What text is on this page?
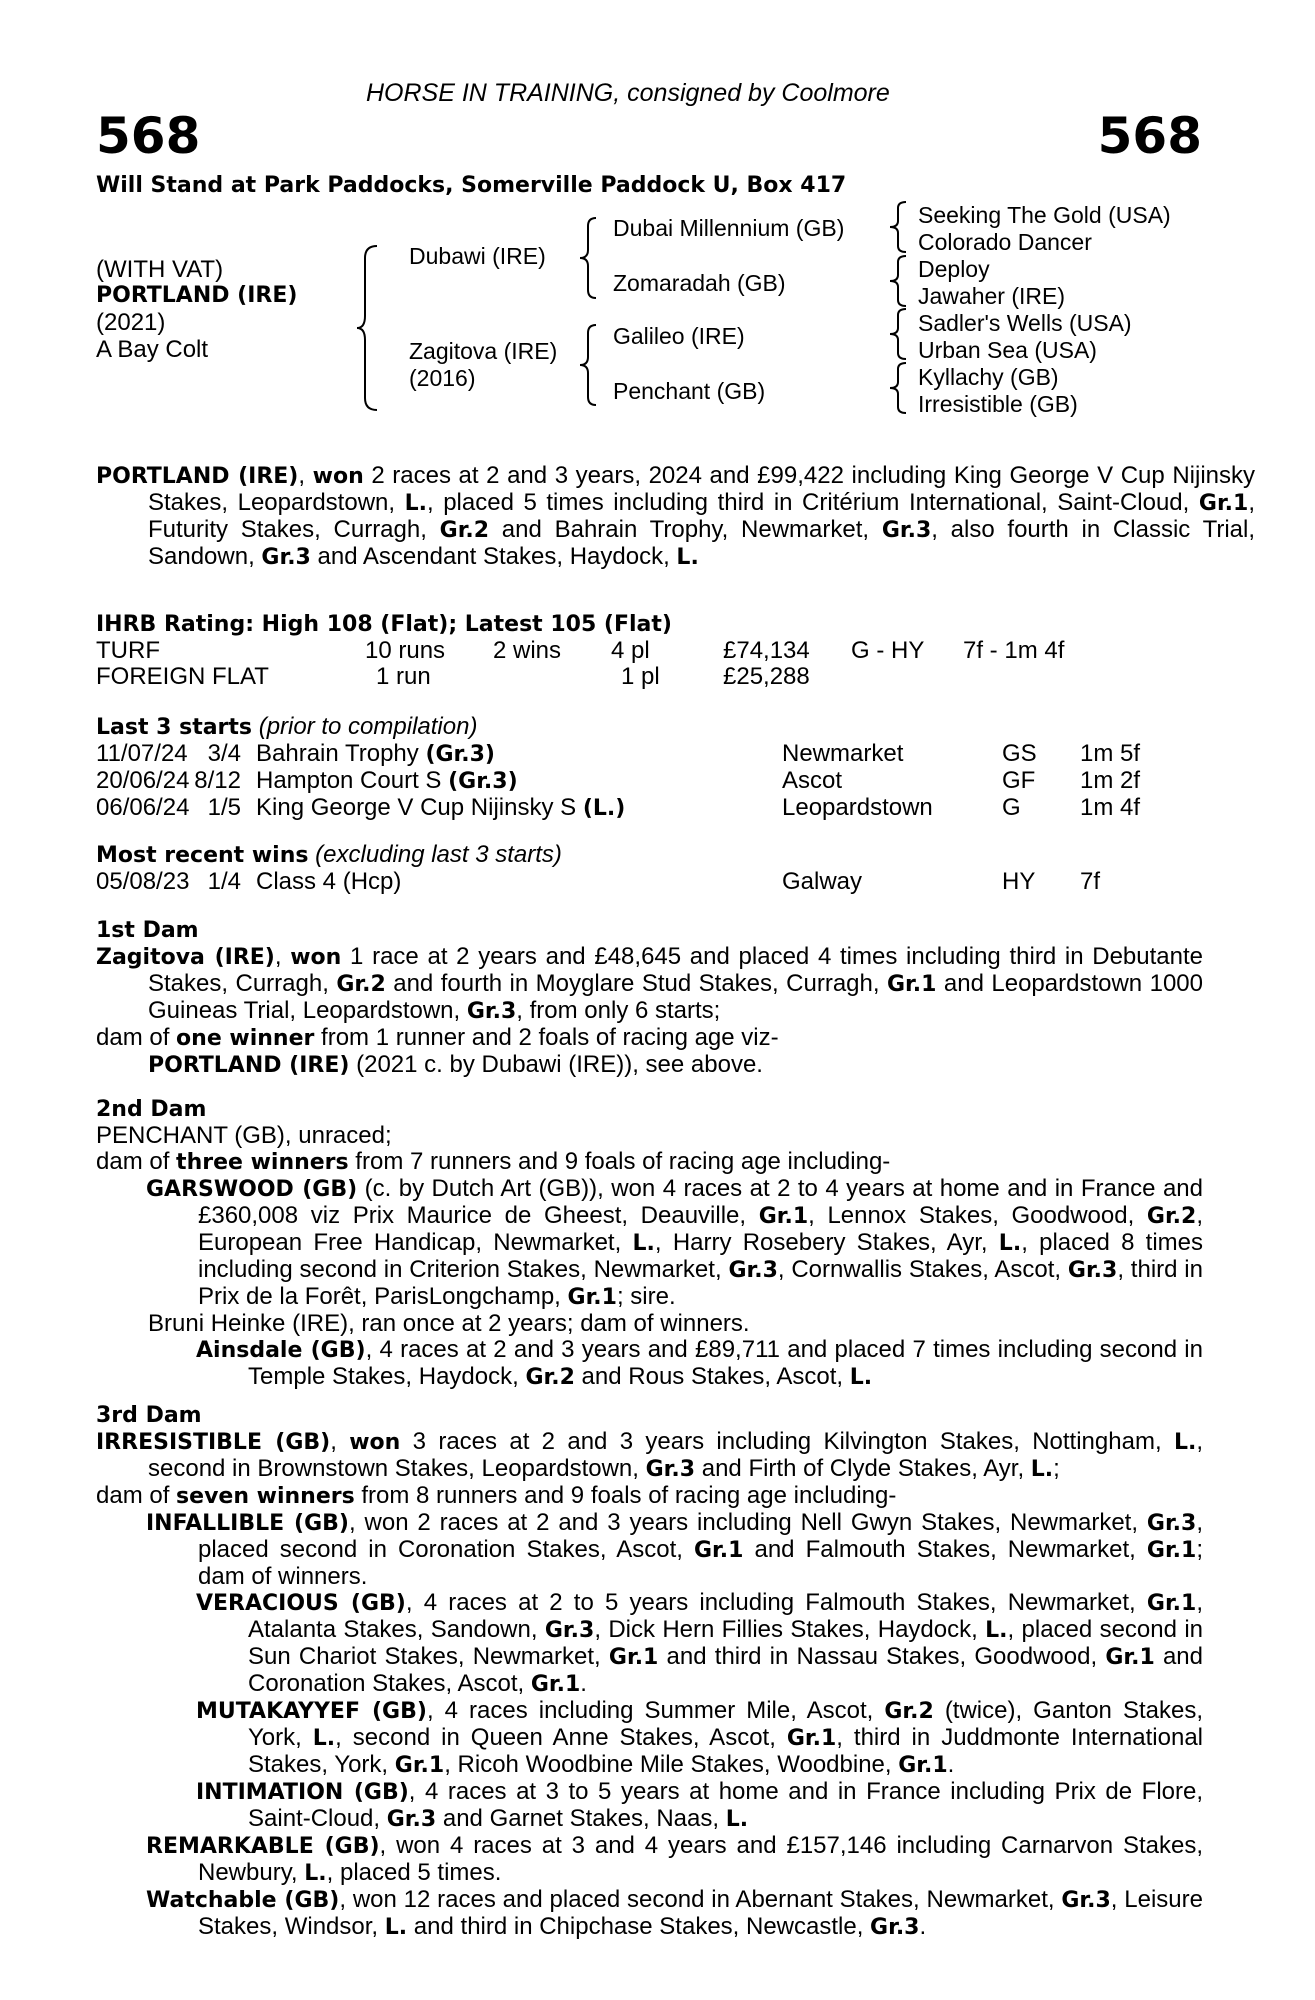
HORSE IN TRAINING, consigned by Coolmore
568	568
Will Stand at Park Paddocks, Somerville Paddock U, Box 417
(WITH VAT)
PORTLAND (IRE)
(2021)
A Bay Colt
Dubawi (IRE)
Zagitova (IRE)
(2016)
Dubai Millennium (GB)
Zomaradah (GB)
Galileo (IRE)
Penchant (GB)
Seeking The Gold (USA)
Colorado Dancer
Deploy
Jawaher (IRE)
Sadler's Wells (USA)
Urban Sea (USA)
Kyllachy (GB)
Irresistible (GB)
PORTLAND (IRE), won 2 races at 2 and 3 years, 2024 and £99,422 including King George V Cup Nijinsky Stakes, Leopardstown, L., placed 5 times including third in Critérium International, Saint-Cloud, Gr.1, Futurity Stakes, Curragh, Gr.2 and Bahrain Trophy, Newmarket, Gr.3, also fourth in Classic Trial, Sandown, Gr.3 and Ascendant Stakes, Haydock, L.
IHRB Rating: High 108 (Flat); Latest 105 (Flat)
TURF	10 runs	2 wins	4 pl	£74,134	G - HY	7f - 1m 4f
FOREIGN FLAT	1 run		1 pl	£25,288		
Last 3 starts (prior to compilation)
11/07/24	3/4	Bahrain Trophy (Gr.3)	Newmarket	GS	1m 5f
20/06/24	8/12	Hampton Court S (Gr.3)	Ascot	GF	1m 2f
06/06/24	1/5	King George V Cup Nijinsky S (L.)	Leopardstown	G	1m 4f
Most recent wins (excluding last 3 starts)
05/08/23	1/4	Class 4 (Hcp)	Galway	HY	7f
1st Dam
Zagitova (IRE), won 1 race at 2 years and £48,645 and placed 4 times including third in Debutante Stakes, Curragh, Gr.2 and fourth in Moyglare Stud Stakes, Curragh, Gr.1 and Leopardstown 1000 Guineas Trial, Leopardstown, Gr.3, from only 6 starts;
dam of one winner from 1 runner and 2 foals of racing age viz-
PORTLAND (IRE) (2021 c. by Dubawi (IRE)), see above.
2nd Dam
PENCHANT (GB), unraced;
dam of three winners from 7 runners and 9 foals of racing age including-
GARSWOOD (GB) (c. by Dutch Art (GB)), won 4 races at 2 to 4 years at home and in France and £360,008 viz Prix Maurice de Gheest, Deauville, Gr.1, Lennox Stakes, Goodwood, Gr.2, European Free Handicap, Newmarket, L., Harry Rosebery Stakes, Ayr, L., placed 8 times including second in Criterion Stakes, Newmarket, Gr.3, Cornwallis Stakes, Ascot, Gr.3, third in Prix de la Forêt, ParisLongchamp, Gr.1; sire.
Bruni Heinke (IRE), ran once at 2 years; dam of winners.
Ainsdale (GB), 4 races at 2 and 3 years and £89,711 and placed 7 times including second in Temple Stakes, Haydock, Gr.2 and Rous Stakes, Ascot, L.
3rd Dam
IRRESISTIBLE (GB), won 3 races at 2 and 3 years including Kilvington Stakes, Nottingham, L., second in Brownstown Stakes, Leopardstown, Gr.3 and Firth of Clyde Stakes, Ayr, L.;
dam of seven winners from 8 runners and 9 foals of racing age including-
INFALLIBLE (GB), won 2 races at 2 and 3 years including Nell Gwyn Stakes, Newmarket, Gr.3, placed second in Coronation Stakes, Ascot, Gr.1 and Falmouth Stakes, Newmarket, Gr.1; dam of winners.
VERACIOUS (GB), 4 races at 2 to 5 years including Falmouth Stakes, Newmarket, Gr.1, Atalanta Stakes, Sandown, Gr.3, Dick Hern Fillies Stakes, Haydock, L., placed second in Sun Chariot Stakes, Newmarket, Gr.1 and third in Nassau Stakes, Goodwood, Gr.1 and Coronation Stakes, Ascot, Gr.1.
MUTAKAYYEF (GB), 4 races including Summer Mile, Ascot, Gr.2 (twice), Ganton Stakes, York, L., second in Queen Anne Stakes, Ascot, Gr.1, third in Juddmonte International Stakes, York, Gr.1, Ricoh Woodbine Mile Stakes, Woodbine, Gr.1.
INTIMATION (GB), 4 races at 3 to 5 years at home and in France including Prix de Flore, Saint-Cloud, Gr.3 and Garnet Stakes, Naas, L.
REMARKABLE (GB), won 4 races at 3 and 4 years and £157,146 including Carnarvon Stakes, Newbury, L., placed 5 times.
Watchable (GB), won 12 races and placed second in Abernant Stakes, Newmarket, Gr.3, Leisure Stakes, Windsor, L. and third in Chipchase Stakes, Newcastle, Gr.3.
